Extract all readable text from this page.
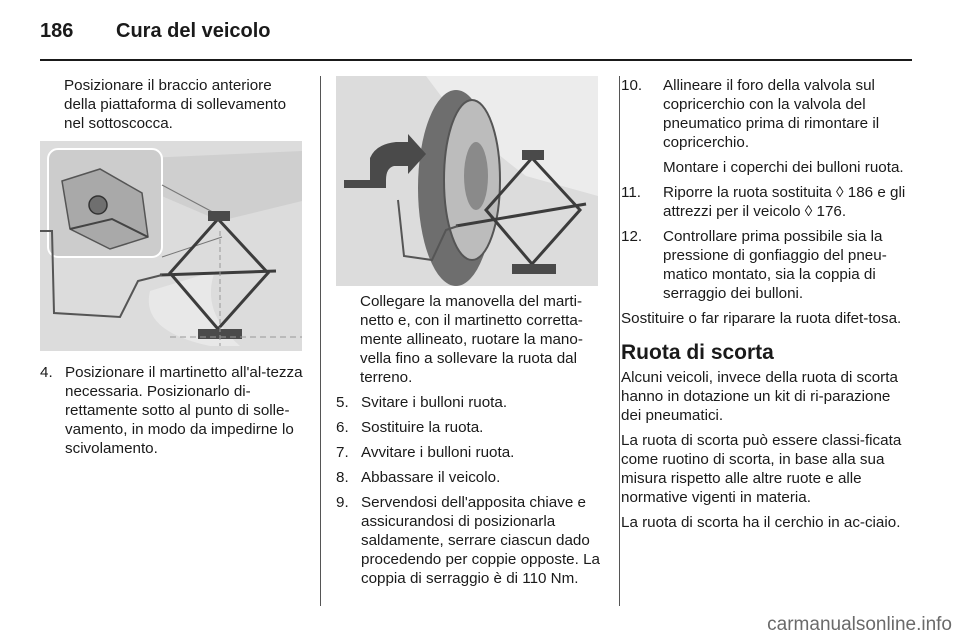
186 Cura del veicolo
Posizionare il braccio anteriore della piattaforma di sollevamento nel sottoscocca.
4. Posizionare il martinetto all'al-tezza necessaria. Posizionarlo di-rettamente sotto al punto di solle-vamento, in modo da impedirne lo scivolamento.
Collegare la manovella del marti-netto e, con il martinetto corretta-mente allineato, ruotare la mano-vella fino a sollevare la ruota dal terreno.
5. Svitare i bulloni ruota.
6. Sostituire la ruota.
7. Avvitare i bulloni ruota.
8. Abbassare il veicolo.
9. Servendosi dell'apposita chiave e assicurandosi di posizionarla saldamente, serrare ciascun dado procedendo per coppie opposte. La coppia di serraggio è di 110 Nm.
10. Allineare il foro della valvola sul copricerchio con la valvola del pneumatico prima di rimontare il copricerchio.
Montare i coperchi dei bulloni ruota.
11. Riporre la ruota sostituita ◊ 186 e gli attrezzi per il veicolo ◊ 176.
12. Controllare prima possibile sia la pressione di gonfiaggio del pneu-matico montato, sia la coppia di serraggio dei bulloni.
Sostituire o far riparare la ruota difet-tosa.
Ruota di scorta
Alcuni veicoli, invece della ruota di scorta hanno in dotazione un kit di ri-parazione dei pneumatici.
La ruota di scorta può essere classi-ficata come ruotino di scorta, in base alla sua misura rispetto alle altre ruote e alle normative vigenti in materia.
La ruota di scorta ha il cerchio in ac-ciaio.
carmanualsonline.info
